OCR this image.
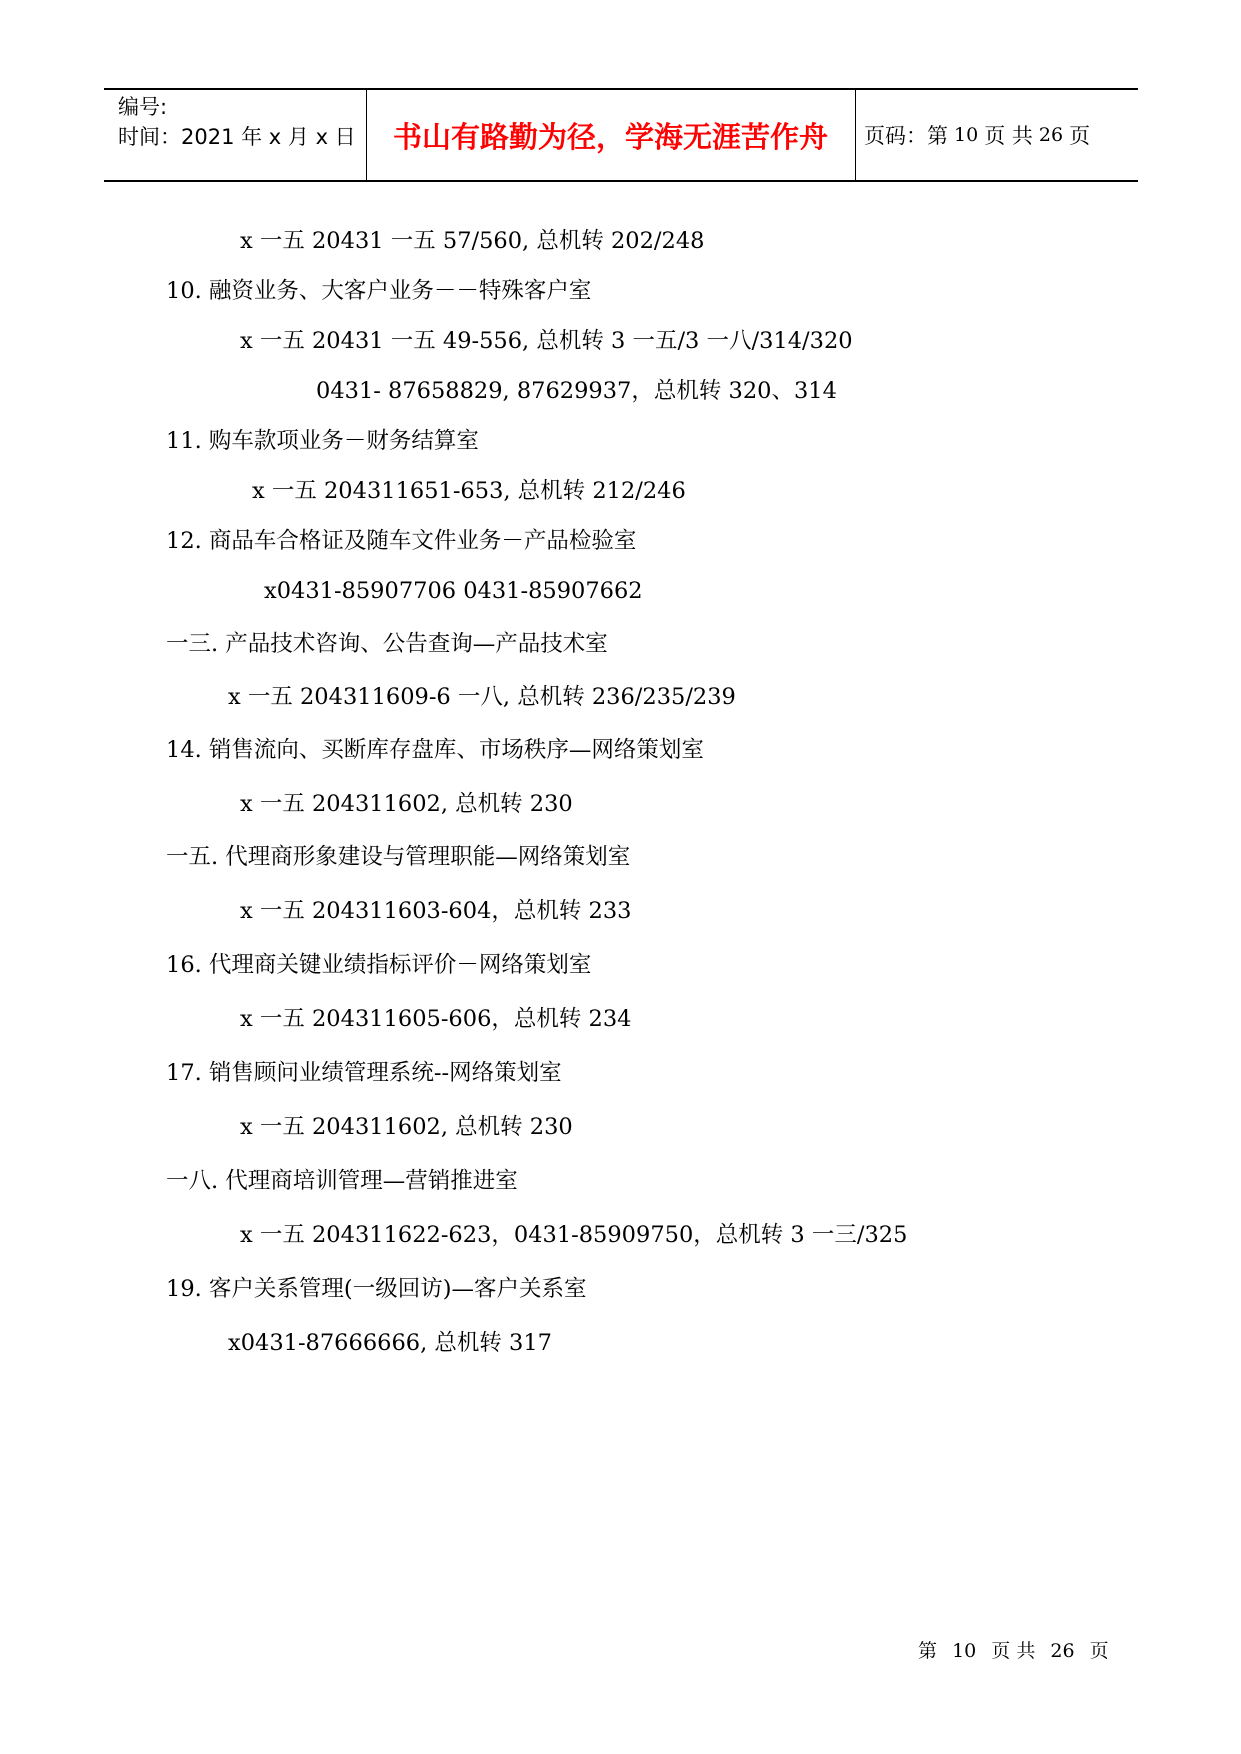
编号:
时间：2021 年 x 月 x 日	书山有路勤为径，学海无涯苦作舟	页码：第 10 页 共 26 页
x 一五 20431 一五 57/560, 总机转 202/248
10. 融资业务、大客户业务－－特殊客户室
x 一五 20431 一五 49-556, 总机转 3 一五/3 一八/314/320
0431- 87658829, 87629937，总机转 320、314
11. 购车款项业务－财务结算室
x 一五 204311651-653, 总机转 212/246
12. 商品车合格证及随车文件业务－产品检验室
x0431-85907706 0431-85907662
一三. 产品技术咨询、公告查询—产品技术室
x 一五 204311609-6 一八, 总机转 236/235/239
14. 销售流向、买断库存盘库、市场秩序—网络策划室
x 一五 204311602, 总机转 230
一五. 代理商形象建设与管理职能—网络策划室
x 一五 204311603-604，总机转 233
16. 代理商关键业绩指标评价－网络策划室
x 一五 204311605-606，总机转 234
17. 销售顾问业绩管理系统--网络策划室
x 一五 204311602, 总机转 230
一八. 代理商培训管理—营销推进室
x 一五 204311622-623，0431-85909750，总机转 3 一三/325
19. 客户关系管理(一级回访)—客户关系室
x0431-87666666, 总机转 317
第 10 页 共 26 页
